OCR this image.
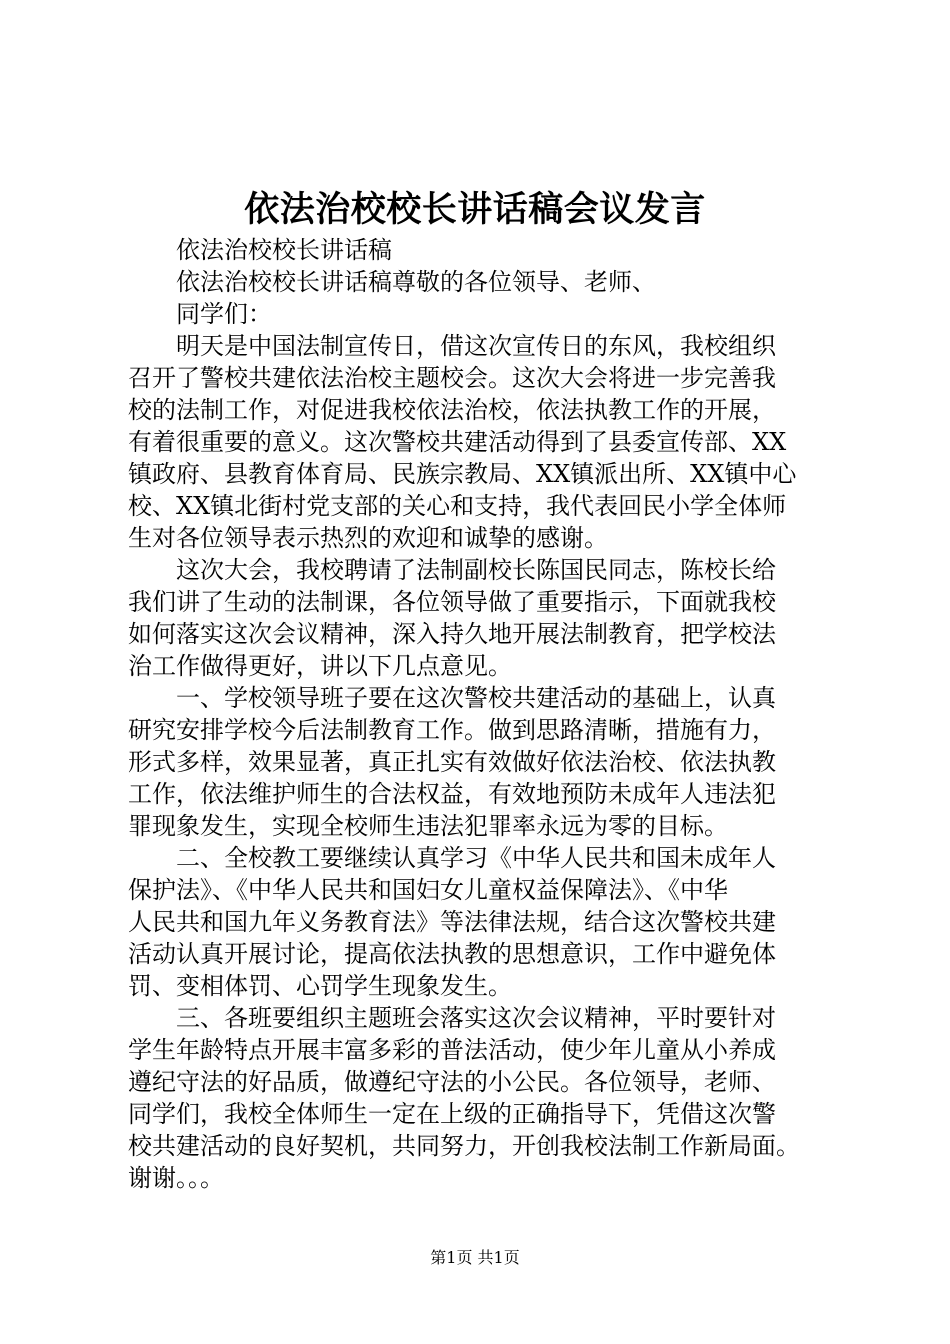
依法治校校长讲话稿会议发言
依法治校校长讲话稿
依法治校校长讲话稿尊敬的各位领导、老师、
同学们：
明天是中国法制宣传日，借这次宣传日的东风，我校组织
召开了警校共建依法治校主题校会。这次大会将进一步完善我
校的法制工作，对促进我校依法治校，依法执教工作的开展，
有着很重要的意义。这次警校共建活动得到了县委宣传部、XX
镇政府、县教育体育局、民族宗教局、XX镇派出所、XX镇中心
校、XX镇北街村党支部的关心和支持，我代表回民小学全体师
生对各位领导表示热烈的欢迎和诚挚的感谢。
这次大会，我校聘请了法制副校长陈国民同志，陈校长给
我们讲了生动的法制课，各位领导做了重要指示，下面就我校
如何落实这次会议精神，深入持久地开展法制教育，把学校法
治工作做得更好，讲以下几点意见。
一、学校领导班子要在这次警校共建活动的基础上，认真
研究安排学校今后法制教育工作。做到思路清晰，措施有力，
形式多样，效果显著，真正扎实有效做好依法治校、依法执教
工作，依法维护师生的合法权益，有效地预防未成年人违法犯
罪现象发生，实现全校师生违法犯罪率永远为零的目标。
二、全校教工要继续认真学习《中华人民共和国未成年人
保护法》、《中华人民共和国妇女儿童权益保障法》、《中华
人民共和国九年义务教育法》等法律法规，结合这次警校共建
活动认真开展讨论，提高依法执教的思想意识，工作中避免体
罚、变相体罚、心罚学生现象发生。
三、各班要组织主题班会落实这次会议精神，平时要针对
学生年龄特点开展丰富多彩的普法活动，使少年儿童从小养成
遵纪守法的好品质，做遵纪守法的小公民。各位领导，老师、
同学们，我校全体师生一定在上级的正确指导下，凭借这次警
校共建活动的良好契机，共同努力，开创我校法制工作新局面。
谢谢。。。
第1页 共1页
